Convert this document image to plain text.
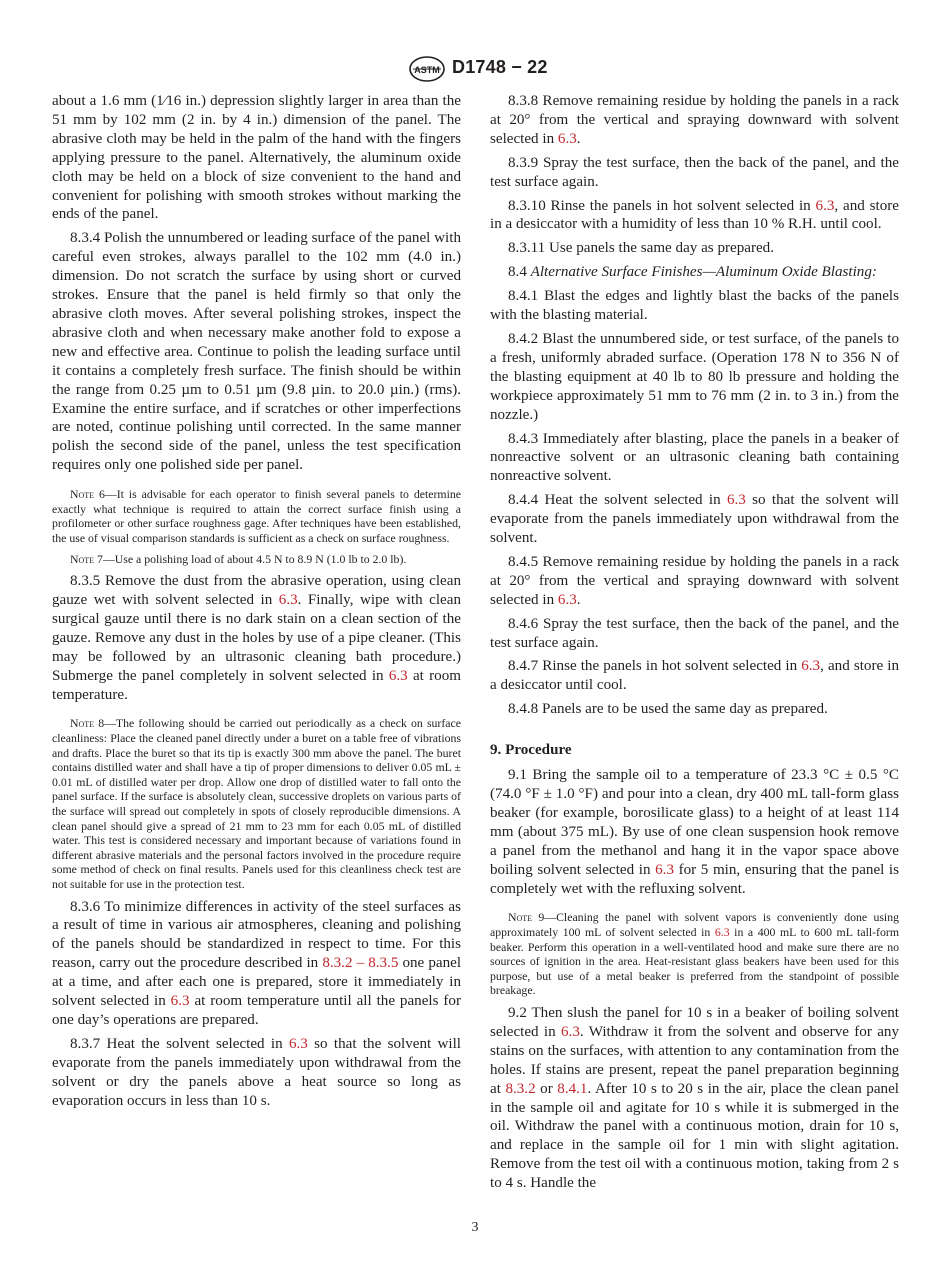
ASTM D1748 − 22

about a 1.6 mm (1⁄16 in.) depression slightly larger in area than the 51 mm by 102 mm (2 in. by 4 in.) dimension of the panel. The abrasive cloth may be held in the palm of the hand with the fingers applying pressure to the panel. Alternatively, the aluminum oxide cloth may be held on a block of size convenient to the hand and convenient for polishing with smooth strokes without marking the ends of the panel.

8.3.4 Polish the unnumbered or leading surface of the panel with careful even strokes, always parallel to the 102 mm (4.0 in.) dimension. Do not scratch the surface by using short or curved strokes. Ensure that the panel is held firmly so that only the abrasive cloth moves. After several polishing strokes, inspect the abrasive cloth and when necessary make another fold to expose a new and effective area. Continue to polish the leading surface until it contains a completely fresh surface. The finish should be within the range from 0.25 µm to 0.51 µm (9.8 µin. to 20.0 µin.) (rms). Examine the entire surface, and if scratches or other imperfections are noted, continue polishing until corrected. In the same manner polish the second side of the panel, unless the test specification requires only one polished side per panel.

Note 6—It is advisable for each operator to finish several panels to determine exactly what technique is required to attain the correct surface finish using a profilometer or other surface roughness gage. After techniques have been established, the use of visual comparison standards is sufficient as a check on surface roughness.

Note 7—Use a polishing load of about 4.5 N to 8.9 N (1.0 lb to 2.0 lb).

8.3.5 Remove the dust from the abrasive operation, using clean gauze wet with solvent selected in 6.3. Finally, wipe with clean surgical gauze until there is no dark stain on a clean section of the gauze. Remove any dust in the holes by use of a pipe cleaner. (This may be followed by an ultrasonic cleaning bath procedure.) Submerge the panel completely in solvent selected in 6.3 at room temperature.

Note 8—The following should be carried out periodically as a check on surface cleanliness: Place the cleaned panel directly under a buret on a table free of vibrations and drafts. Place the buret so that its tip is exactly 300 mm above the panel. The buret contains distilled water and shall have a tip of proper dimensions to deliver 0.05 mL ± 0.01 mL of distilled water per drop. Allow one drop of distilled water to fall onto the panel surface. If the surface is absolutely clean, successive droplets on various parts of the surface will spread out completely in spots of closely reproducible dimensions. A clean panel should give a spread of 21 mm to 23 mm for each 0.05 mL of distilled water. This test is considered necessary and important because of variations found in different abrasive materials and the personal factors involved in the procedure require some method of check on final results. Panels used for this cleanliness check test are not suitable for use in the protection test.

8.3.6 To minimize differences in activity of the steel surfaces as a result of time in various air atmospheres, cleaning and polishing of the panels should be standardized in respect to time. For this reason, carry out the procedure described in 8.3.2 – 8.3.5 one panel at a time, and after each one is prepared, store it immediately in solvent selected in 6.3 at room temperature until all the panels for one day’s operations are prepared.

8.3.7 Heat the solvent selected in 6.3 so that the solvent will evaporate from the panels immediately upon withdrawal from the solvent or dry the panels above a heat source so long as evaporation occurs in less than 10 s.

8.3.8 Remove remaining residue by holding the panels in a rack at 20° from the vertical and spraying downward with solvent selected in 6.3.

8.3.9 Spray the test surface, then the back of the panel, and the test surface again.

8.3.10 Rinse the panels in hot solvent selected in 6.3, and store in a desiccator with a humidity of less than 10 % R.H. until cool.

8.3.11 Use panels the same day as prepared.

8.4 Alternative Surface Finishes—Aluminum Oxide Blasting:

8.4.1 Blast the edges and lightly blast the backs of the panels with the blasting material.

8.4.2 Blast the unnumbered side, or test surface, of the panels to a fresh, uniformly abraded surface. (Operation 178 N to 356 N of the blasting equipment at 40 lb to 80 lb pressure and holding the workpiece approximately 51 mm to 76 mm (2 in. to 3 in.) from the nozzle.)

8.4.3 Immediately after blasting, place the panels in a beaker of nonreactive solvent or an ultrasonic cleaning bath containing nonreactive solvent.

8.4.4 Heat the solvent selected in 6.3 so that the solvent will evaporate from the panels immediately upon withdrawal from the solvent.

8.4.5 Remove remaining residue by holding the panels in a rack at 20° from the vertical and spraying downward with solvent selected in 6.3.

8.4.6 Spray the test surface, then the back of the panel, and the test surface again.

8.4.7 Rinse the panels in hot solvent selected in 6.3, and store in a desiccator until cool.

8.4.8 Panels are to be used the same day as prepared.

9. Procedure

9.1 Bring the sample oil to a temperature of 23.3 °C ± 0.5 °C (74.0 °F ± 1.0 °F) and pour into a clean, dry 400 mL tall-form glass beaker (for example, borosilicate glass) to a height of at least 114 mm (about 375 mL). By use of one clean suspension hook remove a panel from the methanol and hang it in the vapor space above boiling solvent selected in 6.3 for 5 min, ensuring that the panel is completely wet with the refluxing solvent.

Note 9—Cleaning the panel with solvent vapors is conveniently done using approximately 100 mL of solvent selected in 6.3 in a 400 mL to 600 mL tall-form beaker. Perform this operation in a well-ventilated hood and make sure there are no sources of ignition in the area. Heat-resistant glass beakers have been used for this purpose, but use of a metal beaker is preferred from the standpoint of possible breakage.

9.2 Then slush the panel for 10 s in a beaker of boiling solvent selected in 6.3. Withdraw it from the solvent and observe for any stains on the surfaces, with attention to any contamination from the holes. If stains are present, repeat the panel preparation beginning at 8.3.2 or 8.4.1. After 10 s to 20 s in the air, place the clean panel in the sample oil and agitate for 10 s while it is submerged in the oil. Withdraw the panel with a continuous motion, drain for 10 s, and replace in the sample oil for 1 min with slight agitation. Remove from the test oil with a continuous motion, taking from 2 s to 4 s. Handle the

3
